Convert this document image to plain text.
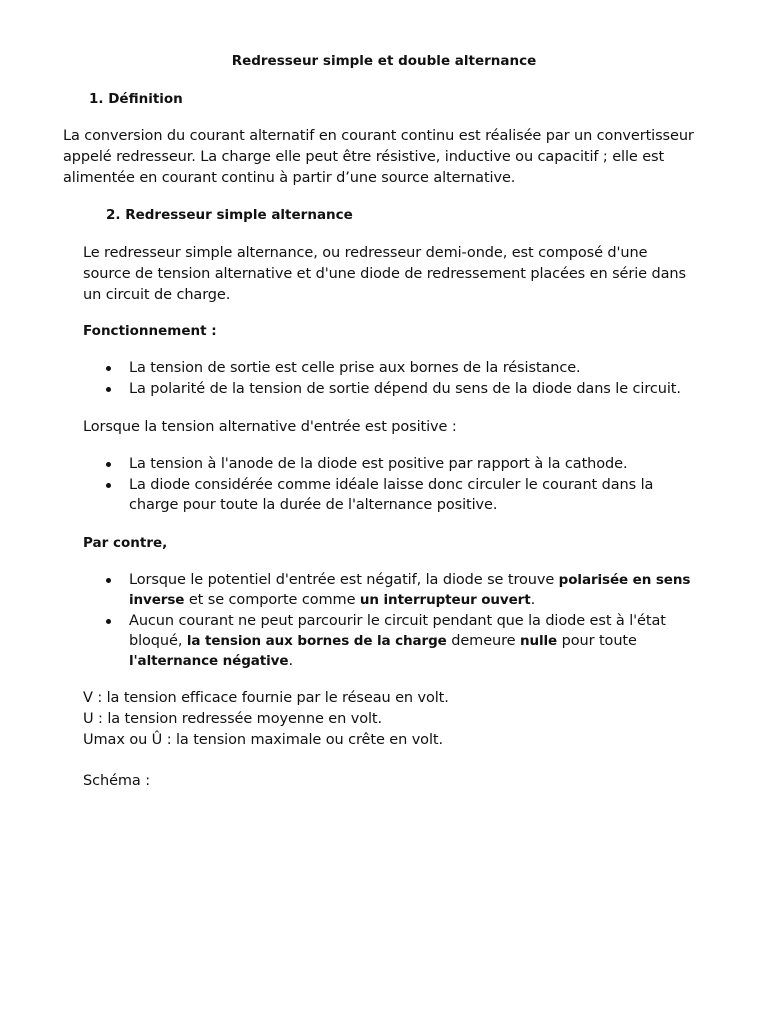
Redresseur simple et double alternance
1. Définition
La conversion du courant alternatif en courant continu est réalisée par un convertisseur
appelé redresseur. La charge elle peut être résistive, inductive ou capacitif ; elle est
alimentée en courant continu à partir d’une source alternative.
2. Redresseur simple alternance
Le redresseur simple alternance, ou redresseur demi-onde, est composé d'une
source de tension alternative et d'une diode de redressement placées en série dans
un circuit de charge.
Fonctionnement :
La tension de sortie est celle prise aux bornes de la résistance.
La polarité de la tension de sortie dépend du sens de la diode dans le circuit.
Lorsque la tension alternative d'entrée est positive :
La tension à l'anode de la diode est positive par rapport à la cathode.
La diode considérée comme idéale laisse donc circuler le courant dans la
charge pour toute la durée de l'alternance positive.
Par contre,
Lorsque le potentiel d'entrée est négatif, la diode se trouve polarisée en sens
inverse et se comporte comme un interrupteur ouvert.
Aucun courant ne peut parcourir le circuit pendant que la diode est à l'état
bloqué, la tension aux bornes de la charge demeure nulle pour toute
l'alternance négative.
V : la tension efficace fournie par le réseau en volt.
U : la tension redressée moyenne en volt.
Umax ou Û : la tension maximale ou crête en volt.
Schéma :
